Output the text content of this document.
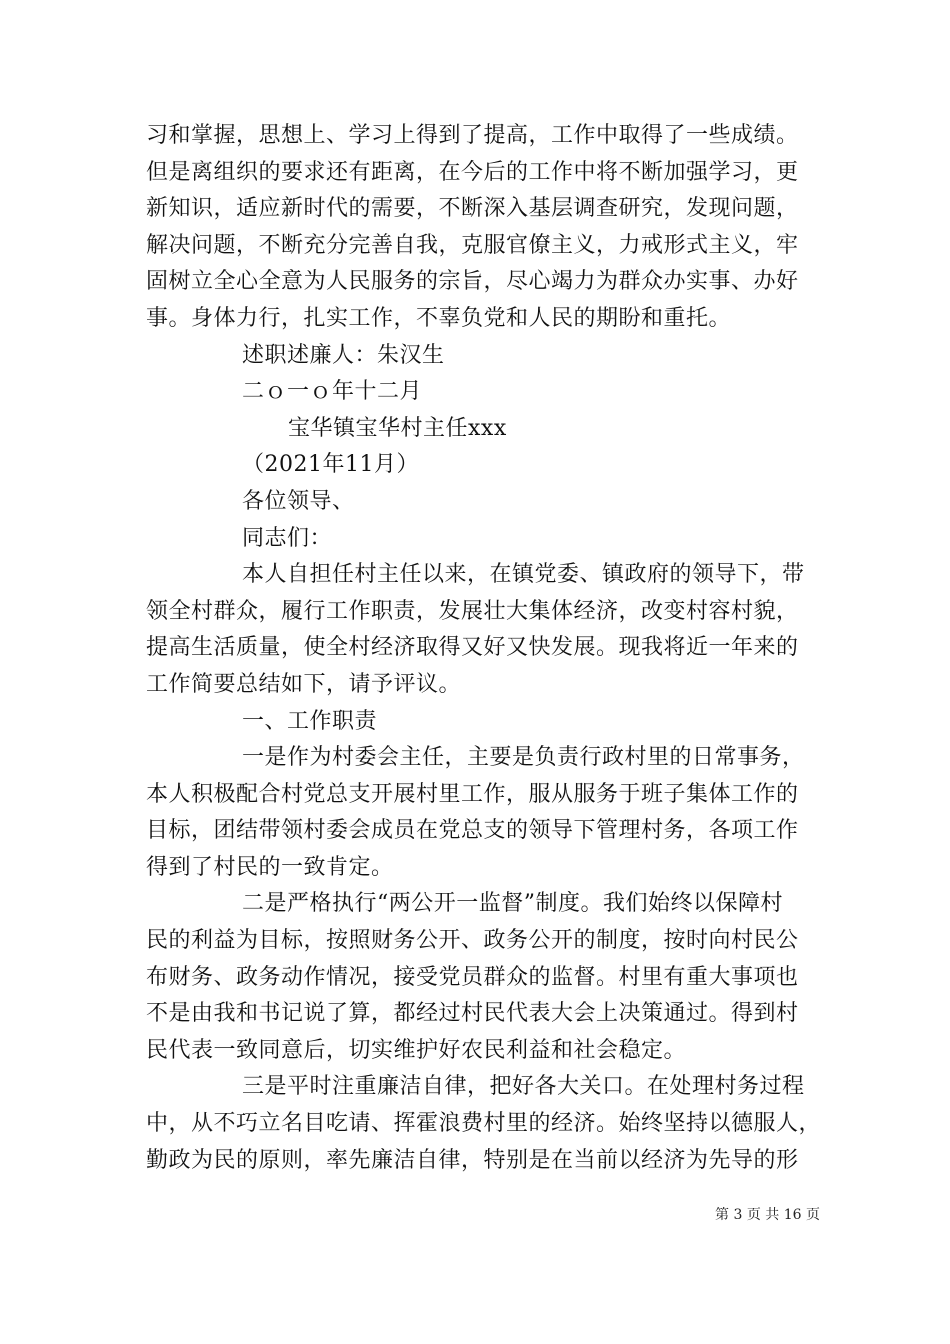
习和掌握，思想上、学习上得到了提高，工作中取得了一些成绩。
但是离组织的要求还有距离，在今后的工作中将不断加强学习，更
新知识，适应新时代的需要，不断深入基层调查研究，发现问题，
解决问题，不断充分完善自我，克服官僚主义，力戒形式主义，牢
固树立全心全意为人民服务的宗旨，尽心竭力为群众办实事、办好
事。身体力行，扎实工作，不辜负党和人民的期盼和重托。
述职述廉人：朱汉生
二ｏ一ｏ年十二月
宝华镇宝华村主任xxx
（2021年11月）
各位领导、
同志们：
本人自担任村主任以来，在镇党委、镇政府的领导下，带
领全村群众，履行工作职责，发展壮大集体经济，改变村容村貌，
提高生活质量，使全村经济取得又好又快发展。现我将近一年来的
工作简要总结如下，请予评议。
一、工作职责
一是作为村委会主任，主要是负责行政村里的日常事务，
本人积极配合村党总支开展村里工作，服从服务于班子集体工作的
目标，团结带领村委会成员在党总支的领导下管理村务，各项工作
得到了村民的一致肯定。
二是严格执行“两公开一监督”制度。我们始终以保障村
民的利益为目标，按照财务公开、政务公开的制度，按时向村民公
布财务、政务动作情况，接受党员群众的监督。村里有重大事项也
不是由我和书记说了算，都经过村民代表大会上决策通过。得到村
民代表一致同意后，切实维护好农民利益和社会稳定。
三是平时注重廉洁自律，把好各大关口。在处理村务过程
中，从不巧立名目吃请、挥霍浪费村里的经济。始终坚持以德服人，
勤政为民的原则，率先廉洁自律，特别是在当前以经济为先导的形
第 3 页 共 16 页
